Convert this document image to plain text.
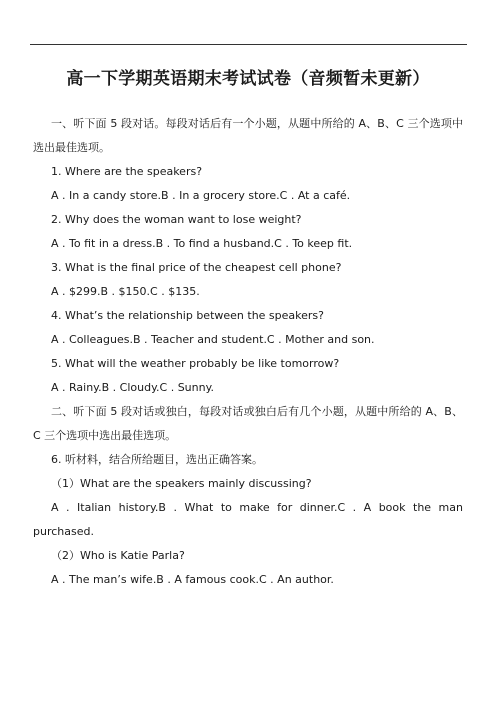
高一下学期英语期末考试试卷（音频暂未更新）

一、听下面 5 段对话。每段对话后有一个小题，从题中所给的 A、B、C 三个选项中选出最佳选项。

1. Where are the speakers?

A . In a candy store.B . In a grocery store.C . At a café.

2. Why does the woman want to lose weight?

A . To fit in a dress.B . To find a husband.C . To keep fit.

3. What is the final price of the cheapest cell phone?

A . $299.B . $150.C . $135.

4. What’s the relationship between the speakers?

A . Colleagues.B . Teacher and student.C . Mother and son.

5. What will the weather probably be like tomorrow?

A . Rainy.B . Cloudy.C . Sunny.

二、听下面 5 段对话或独白，每段对话或独白后有几个小题，从题中所给的 A、B、C 三个选项中选出最佳选项。

6. 听材料，结合所给题目，选出正确答案。

（1）What are the speakers mainly discussing?

A . Italian history.B . What to make for dinner.C . A book the man purchased.

（2）Who is Katie Parla?

A . The man’s wife.B . A famous cook.C . An author.
